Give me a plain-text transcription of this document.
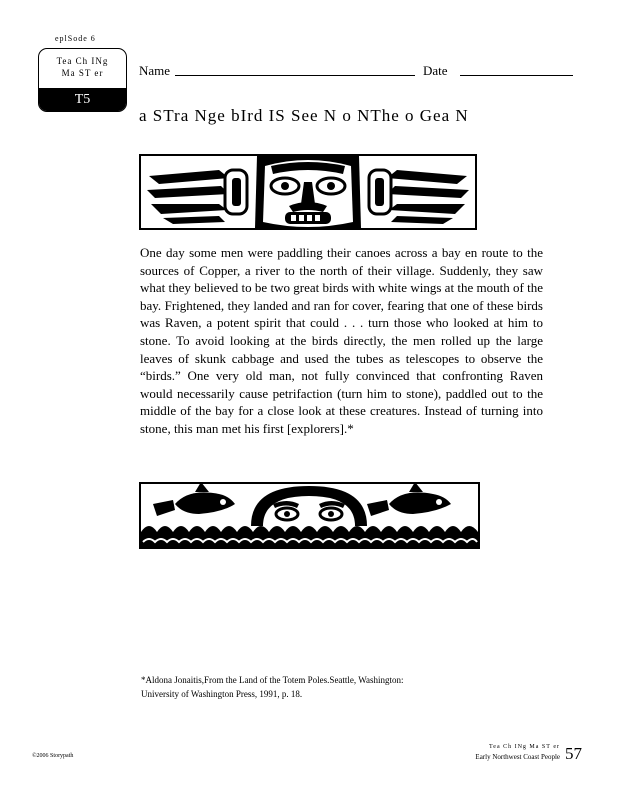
eplSode 6
Tea Ch INg
Ma ST er
T5
Name	Date
a STra Nge bIrd IS See N o NThe o Gea N
One day some men were paddling their canoes across a bay en route to the sources of Copper, a river to the north of their village. Suddenly, they saw what they believed to be two great birds with white wings at the mouth of the bay. Frightened, they landed and ran for cover, fearing that one of these birds was Raven, a potent spirit that could . . . turn those who looked at him to stone. To avoid looking at the birds directly, the men rolled up the large leaves of skunk cabbage and used the tubes as telescopes to observe the “birds.” One very old man, not fully convinced that confronting Raven would necessarily cause petrifaction (turn him to stone), paddled out to the middle of the bay for a close look at these creatures. Instead of turning into stone, this man met his first [explorers].*
*Aldona Jonaitis,From the Land of the Totem Poles.Seattle, Washington:
University of Washington Press, 1991, p. 18.
©2006 Storypath
Tea Ch INg Ma ST er
Early Northwest Coast People 57
